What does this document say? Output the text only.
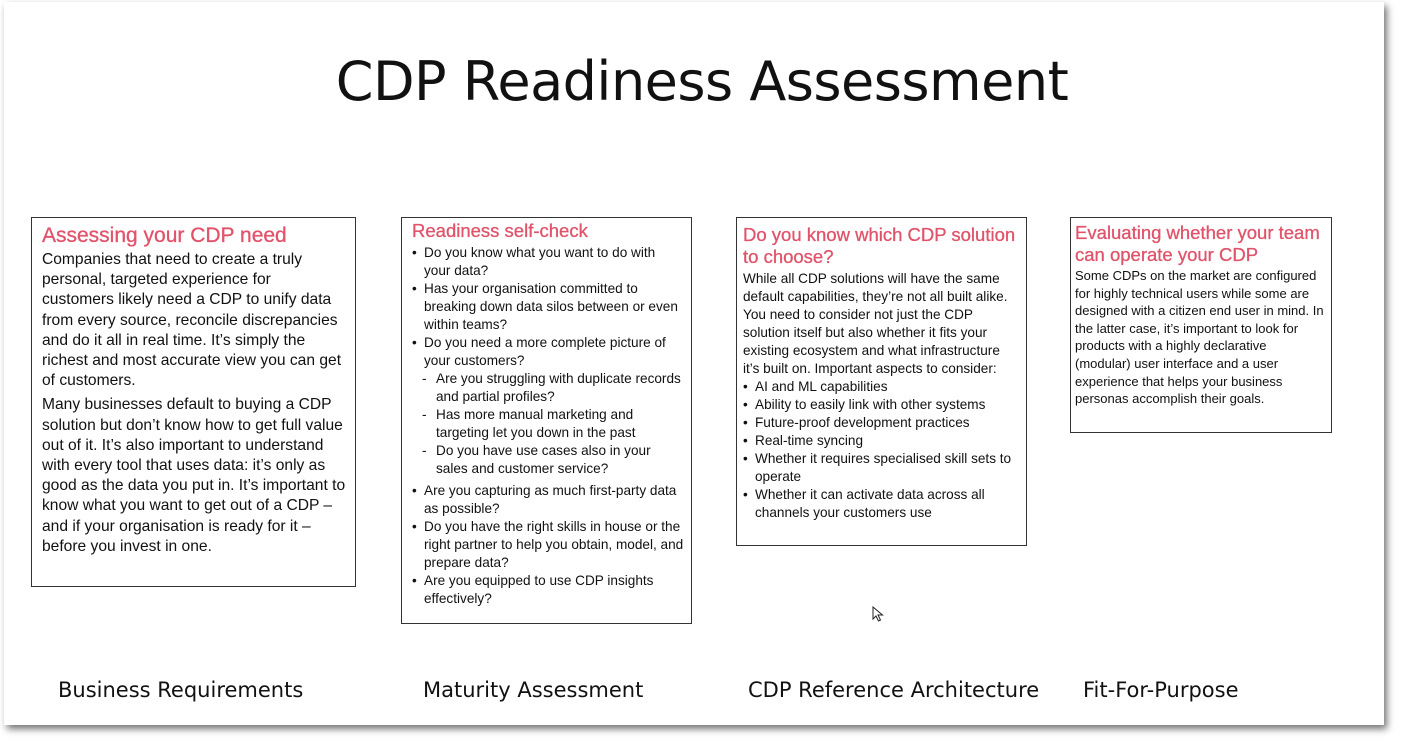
CDP Readiness Assessment
Assessing your CDP need

Companies that need to create a truly personal, targeted experience for customers likely need a CDP to unify data from every source, reconcile discrepancies and do it all in real time. It’s simply the richest and most accurate view you can get of customers.

Many businesses default to buying a CDP solution but don’t know how to get full value out of it. It’s also important to understand with every tool that uses data: it’s only as good as the data you put in. It’s important to know what you want to get out of a CDP – and if your organisation is ready for it – before you invest in one.

Readiness self-check
• Do you know what you want to do with your data?
• Has your organisation committed to breaking down data silos between or even within teams?
• Do you need a more complete picture of your customers?
- Are you struggling with duplicate records and partial profiles?
- Has more manual marketing and targeting let you down in the past
- Do you have use cases also in your sales and customer service?
• Are you capturing as much first-party data as possible?
• Do you have the right skills in house or the right partner to help you obtain, model, and prepare data?
• Are you equipped to use CDP insights effectively?
Do you know which CDP solution to choose?

While all CDP solutions will have the same default capabilities, they’re not all built alike. You need to consider not just the CDP solution itself but also whether it fits your existing ecosystem and what infrastructure it’s built on. Important aspects to consider:

• AI and ML capabilities
• Ability to easily link with other systems
• Future-proof development practices
• Real-time syncing
• Whether it requires specialised skill sets to operate
• Whether it can activate data across all channels your customers use
Evaluating whether your team can operate your CDP

Some CDPs on the market are configured for highly technical users while some are designed with a citizen end user in mind. In the latter case, it’s important to look for products with a highly declarative (modular) user interface and a user experience that helps your business personas accomplish their goals.

Business Requirements	Maturity Assessment	CDP Reference Architecture Fit-For-Purpose
